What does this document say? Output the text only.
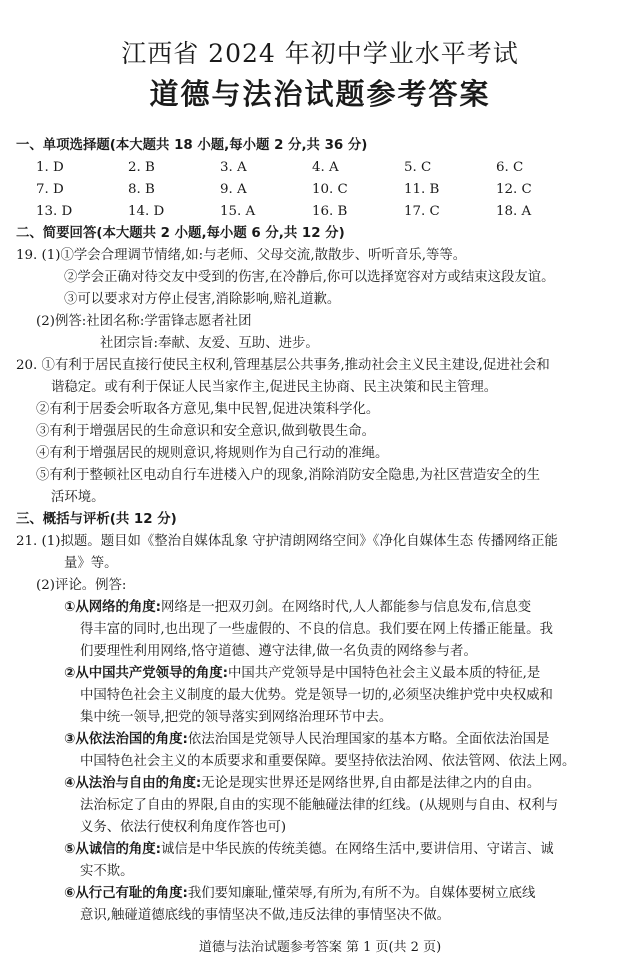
江西省 2024 年初中学业水平考试
道德与法治试题参考答案
一、单项选择题(本大题共 18 小题,每小题 2 分,共 36 分)
1. D	2. B	3. A	4. A	5. C	6. C
7. D	8. B	9. A	10. C	11. B	12. C
13. D	14. D	15. A	16. B	17. C	18. A
二、简要回答(本大题共 2 小题,每小题 6 分,共 12 分)
19. (1)①学会合理调节情绪,如:与老师、父母交流,散散步、听听音乐,等等。
②学会正确对待交友中受到的伤害,在冷静后,你可以选择宽容对方或结束这段友谊。
③可以要求对方停止侵害,消除影响,赔礼道歉。
(2)例答:社团名称:学雷锋志愿者社团
社团宗旨:奉献、友爱、互助、进步。
20. ①有利于居民直接行使民主权利,管理基层公共事务,推动社会主义民主建设,促进社会和
谐稳定。或有利于保证人民当家作主,促进民主协商、民主决策和民主管理。
②有利于居委会听取各方意见,集中民智,促进决策科学化。
③有利于增强居民的生命意识和安全意识,做到敬畏生命。
④有利于增强居民的规则意识,将规则作为自己行动的准绳。
⑤有利于整顿社区电动自行车进楼入户的现象,消除消防安全隐患,为社区营造安全的生
活环境。
三、概括与评析(共 12 分)
21. (1)拟题。题目如《整治自媒体乱象 守护清朗网络空间》《净化自媒体生态 传播网络正能
量》等。
(2)评论。例答:
①从网络的角度:网络是一把双刃剑。在网络时代,人人都能参与信息发布,信息变
得丰富的同时,也出现了一些虚假的、不良的信息。我们要在网上传播正能量。我
们要理性利用网络,恪守道德、遵守法律,做一名负责的网络参与者。
②从中国共产党领导的角度:中国共产党领导是中国特色社会主义最本质的特征,是
中国特色社会主义制度的最大优势。党是领导一切的,必须坚决维护党中央权威和
集中统一领导,把党的领导落实到网络治理环节中去。
③从依法治国的角度:依法治国是党领导人民治理国家的基本方略。全面依法治国是
中国特色社会主义的本质要求和重要保障。要坚持依法治网、依法管网、依法上网。
④从法治与自由的角度:无论是现实世界还是网络世界,自由都是法律之内的自由。
法治标定了自由的界限,自由的实现不能触碰法律的红线。(从规则与自由、权利与
义务、依法行使权利角度作答也可)
⑤从诚信的角度:诚信是中华民族的传统美德。在网络生活中,要讲信用、守诺言、诚
实不欺。
⑥从行己有耻的角度:我们要知廉耻,懂荣辱,有所为,有所不为。自媒体要树立底线
意识,触碰道德底线的事情坚决不做,违反法律的事情坚决不做。
道德与法治试题参考答案 第 1 页(共 2 页)
